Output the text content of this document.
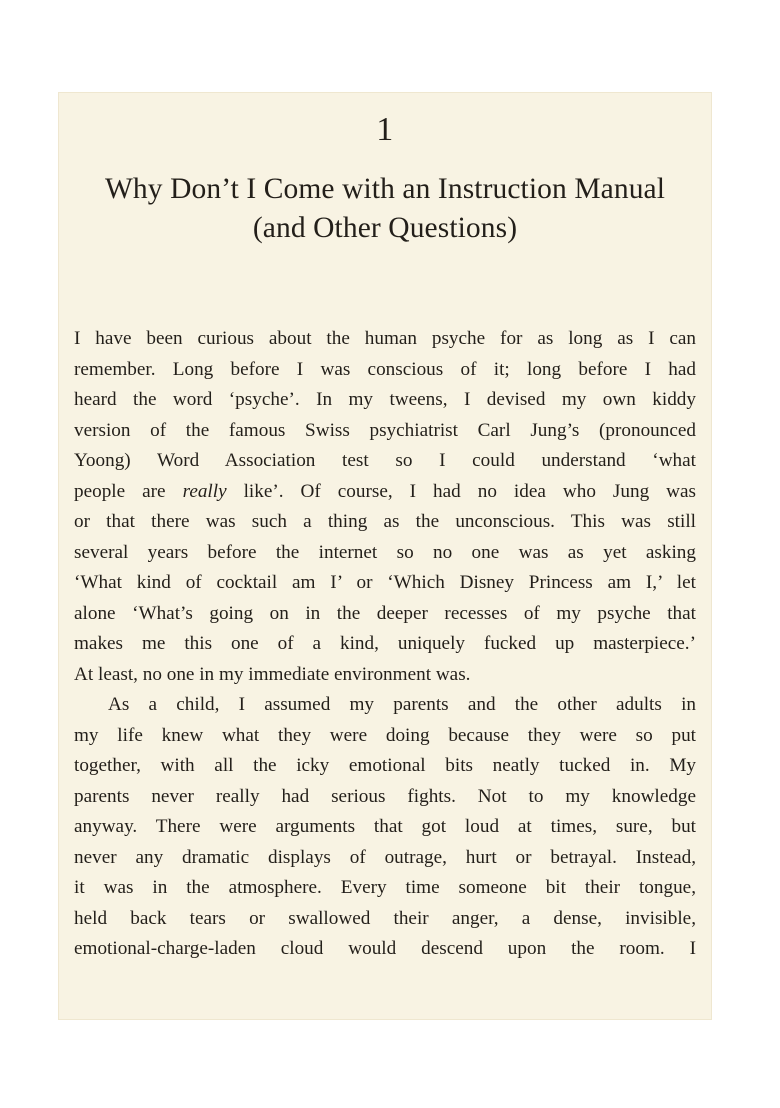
1
Why Don’t I Come with an Instruction Manual
(and Other Questions)
I have been curious about the human psyche for as long as I can
remember. Long before I was conscious of it; long before I had
heard the word ‘psyche’. In my tweens, I devised my own kiddy
version of the famous Swiss psychiatrist Carl Jung’s (pronounced
Yoong) Word Association test so I could understand ‘what
people are really like’. Of course, I had no idea who Jung was
or that there was such a thing as the unconscious. This was still
several years before the internet so no one was as yet asking
‘What kind of cocktail am I’ or ‘Which Disney Princess am I,’ let
alone ‘What’s going on in the deeper recesses of my psyche that
makes me this one of a kind, uniquely fucked up masterpiece.’
At least, no one in my immediate environment was.
As a child, I assumed my parents and the other adults in
my life knew what they were doing because they were so put
together, with all the icky emotional bits neatly tucked in. My
parents never really had serious fights. Not to my knowledge
anyway. There were arguments that got loud at times, sure, but
never any dramatic displays of outrage, hurt or betrayal. Instead,
it was in the atmosphere. Every time someone bit their tongue,
held back tears or swallowed their anger, a dense, invisible,
emotional-charge-laden cloud would descend upon the room. I
